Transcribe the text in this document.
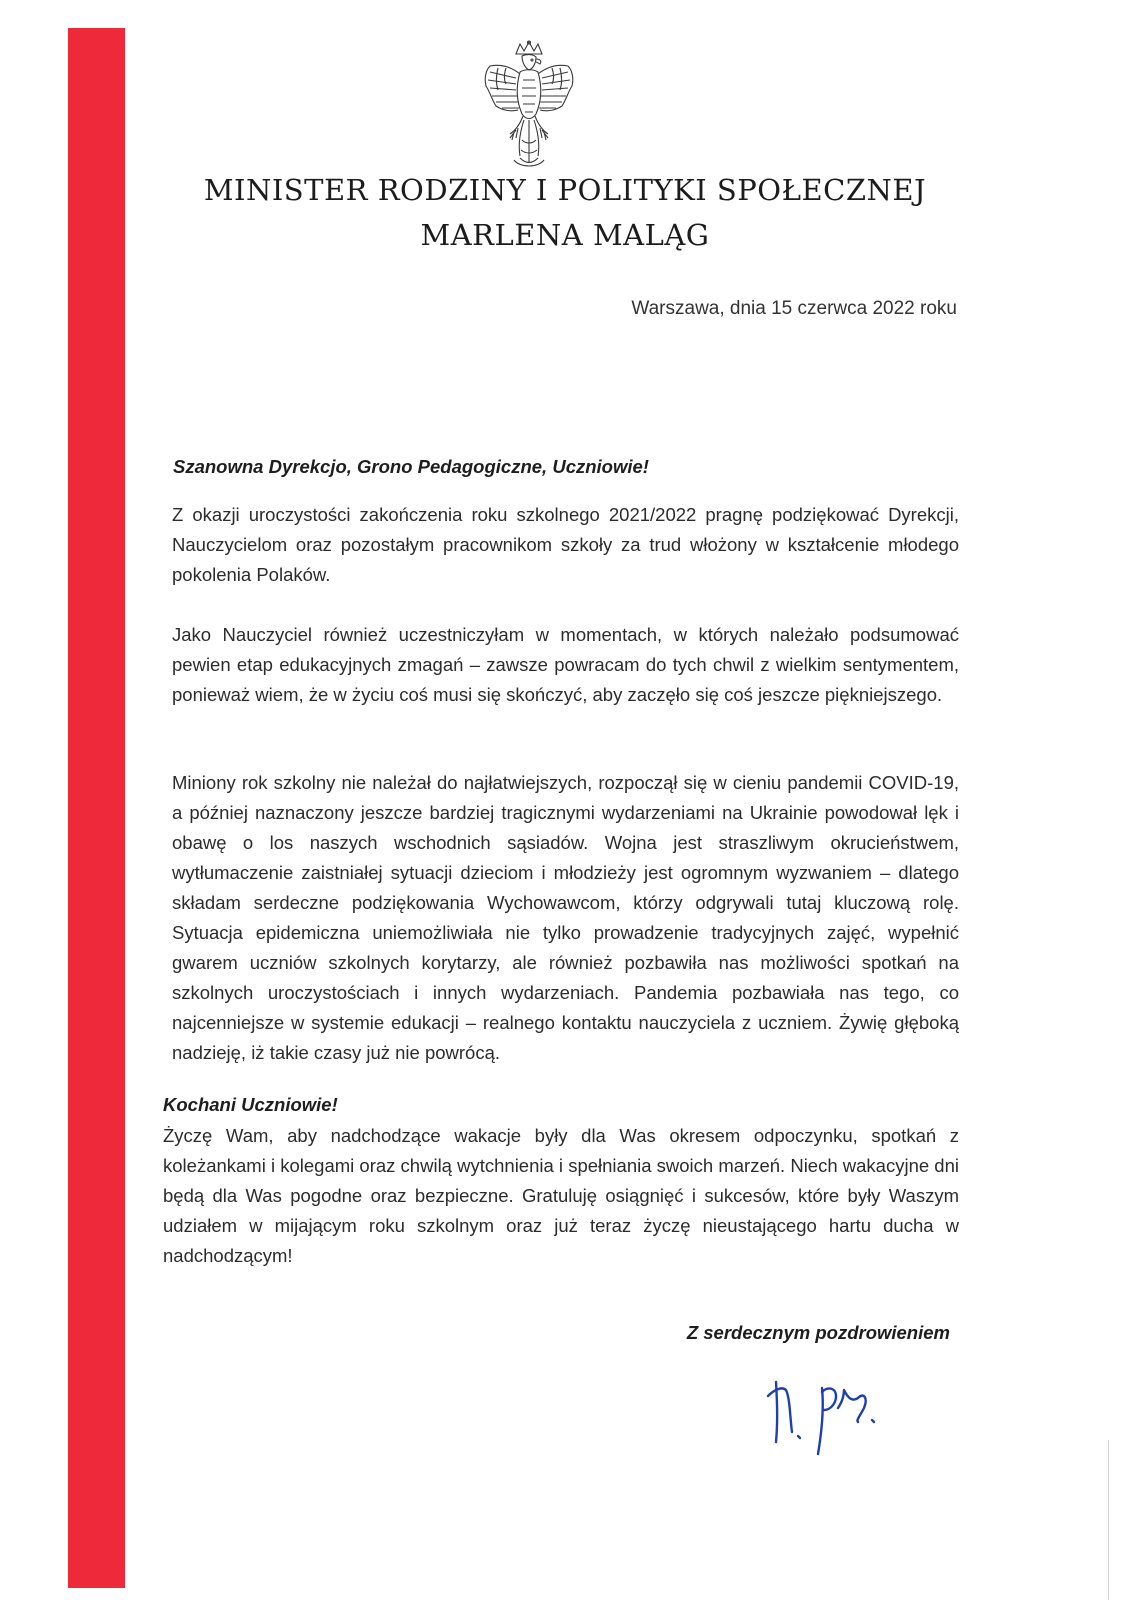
MINISTER RODZINY I POLITYKI SPOŁECZNEJ
MARLENA MALĄG
Warszawa, dnia 15 czerwca 2022 roku
Szanowna Dyrekcjo, Grono Pedagogiczne, Uczniowie!
Z okazji uroczystości zakończenia roku szkolnego 2021/2022 pragnę podziękować Dyrekcji, Nauczycielom oraz pozostałym pracownikom szkoły za trud włożony w kształcenie młodego pokolenia Polaków.
Jako Nauczyciel również uczestniczyłam w momentach, w których należało podsumować pewien etap edukacyjnych zmagań – zawsze powracam do tych chwil z wielkim sentymentem, ponieważ wiem, że w życiu coś musi się skończyć, aby zaczęło się coś jeszcze piękniejszego.
Miniony rok szkolny nie należał do najłatwiejszych, rozpoczął się w cieniu pandemii COVID-19, a później naznaczony jeszcze bardziej tragicznymi wydarzeniami na Ukrainie powodował lęk i obawę o los naszych wschodnich sąsiadów. Wojna jest straszliwym okrucieństwem, wytłumaczenie zaistniałej sytuacji dzieciom i młodzieży jest ogromnym wyzwaniem – dlatego składam serdeczne podziękowania Wychowawcom, którzy odgrywali tutaj kluczową rolę. Sytuacja epidemiczna uniemożliwiała nie tylko prowadzenie tradycyjnych zajęć, wypełnić gwarem uczniów szkolnych korytarzy, ale również pozbawiła nas możliwości spotkań na szkolnych uroczystościach i innych wydarzeniach. Pandemia pozbawiała nas tego, co najcenniejsze w systemie edukacji – realnego kontaktu nauczyciela z uczniem. Żywię głęboką nadzieję, iż takie czasy już nie powrócą.
Kochani Uczniowie!
Życzę Wam, aby nadchodzące wakacje były dla Was okresem odpoczynku, spotkań z koleżankami i kolegami oraz chwilą wytchnienia i spełniania swoich marzeń. Niech wakacyjne dni będą dla Was pogodne oraz bezpieczne. Gratuluję osiągnięć i sukcesów, które były Waszym udziałem w mijającym roku szkolnym oraz już teraz życzę nieustającego hartu ducha w nadchodzącym!
Z serdecznym pozdrowieniem
